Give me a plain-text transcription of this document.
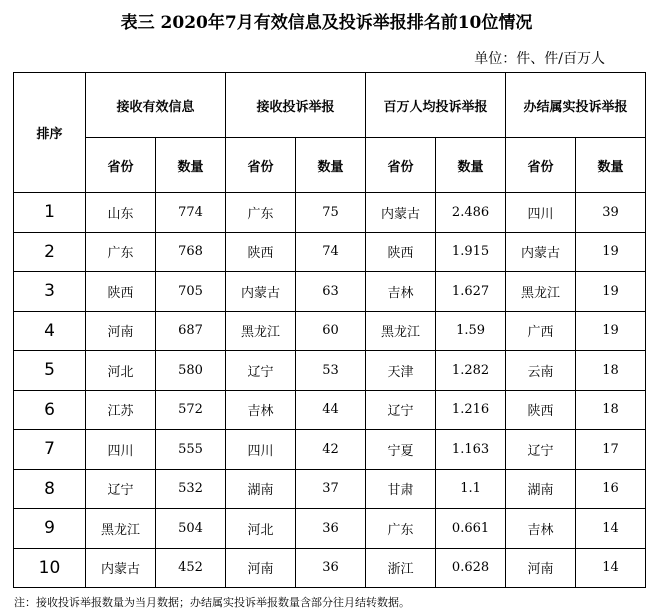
表三 2020年7月有效信息及投诉举报排名前10位情况
单位：件、件/百万人
排序	接收有效信息		接收投诉举报		百万人均投诉举报		办结属实投诉举报	
	省份	数量	省份	数量	省份	数量	省份	数量
1	山东	774	广东	75	内蒙古	2.486	四川	39
2	广东	768	陕西	74	陕西	1.915	内蒙古	19
3	陕西	705	内蒙古	63	吉林	1.627	黑龙江	19
4	河南	687	黑龙江	60	黑龙江	1.59	广西	19
5	河北	580	辽宁	53	天津	1.282	云南	18
6	江苏	572	吉林	44	辽宁	1.216	陕西	18
7	四川	555	四川	42	宁夏	1.163	辽宁	17
8	辽宁	532	湖南	37	甘肃	1.1	湖南	16
9	黑龙江	504	河北	36	广东	0.661	吉林	14
10	内蒙古	452	河南	36	浙江	0.628	河南	14
注：接收投诉举报数量为当月数据；办结属实投诉举报数量含部分往月结转数据。
